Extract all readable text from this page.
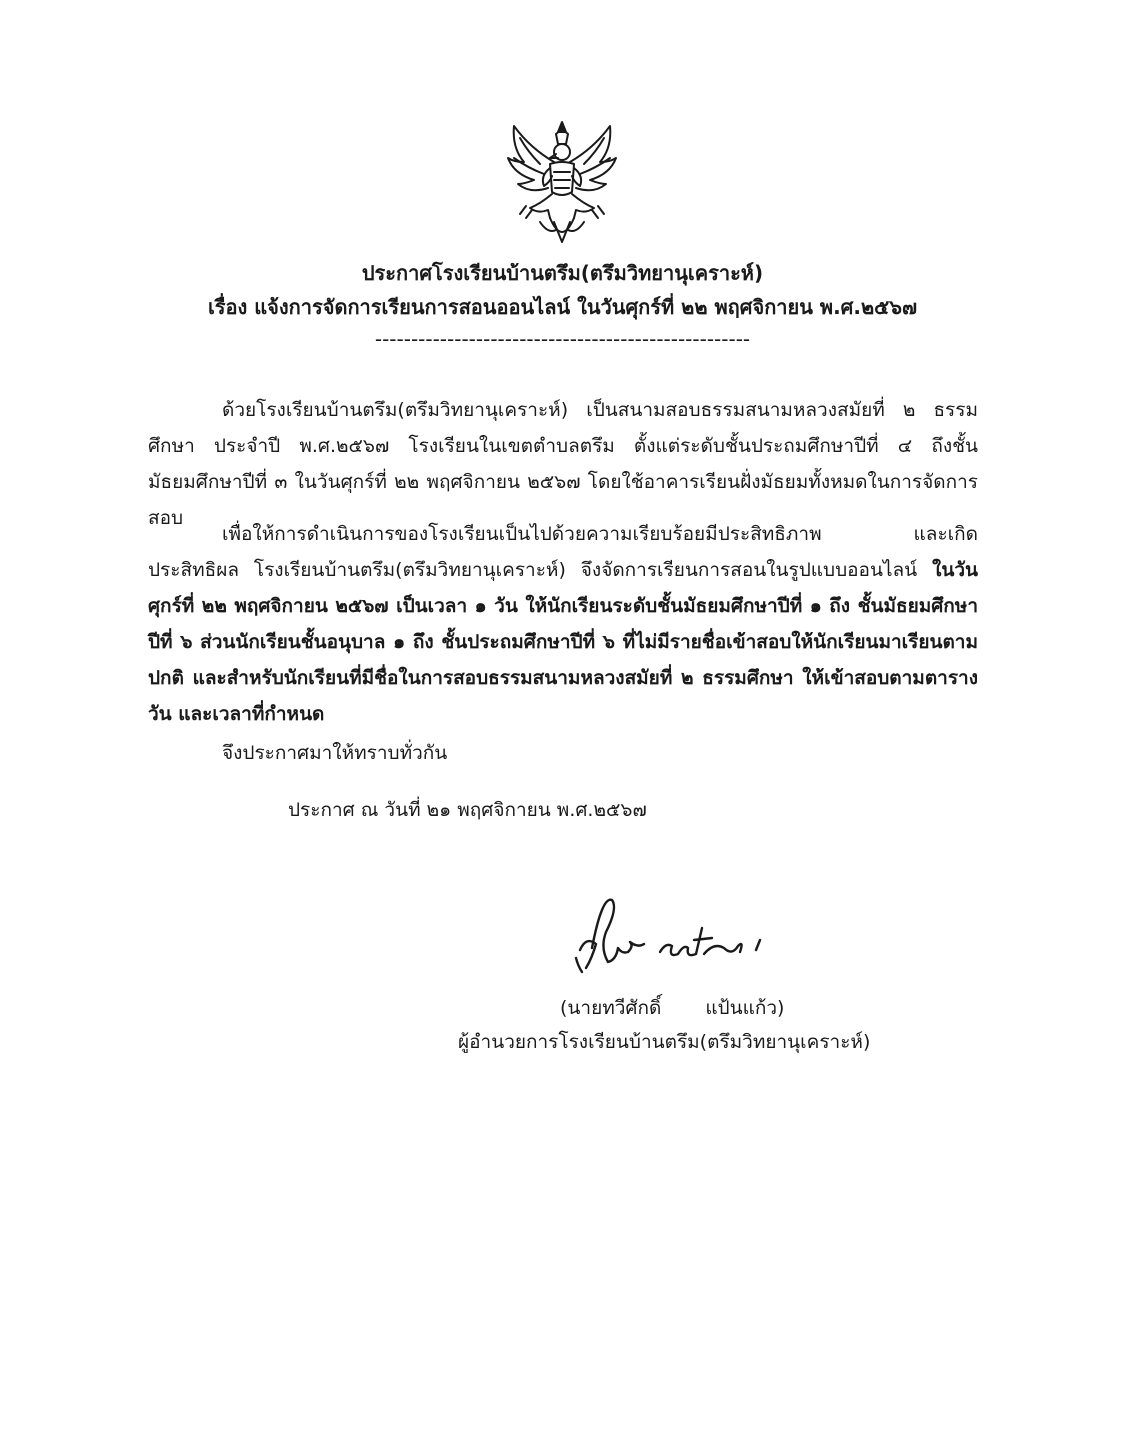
ประกาศโรงเรียนบ้านตรึม(ตรึมวิทยานุเคราะห์)
เรื่อง แจ้งการจัดการเรียนการสอนออนไลน์ ในวันศุกร์ที่ ๒๒ พฤศจิกายน พ.ศ.๒๕๖๗
----------------------------------------------------

ด้วยโรงเรียนบ้านตรึม(ตรึมวิทยานุเคราะห์) เป็นสนามสอบธรรมสนามหลวงสมัยที่ ๒ ธรรมศึกษา ประจำปี พ.ศ.๒๕๖๗ โรงเรียนในเขตตำบลตรึม ตั้งแต่ระดับชั้นประถมศึกษาปีที่ ๔ ถึงชั้นมัธยมศึกษาปีที่ ๓ ในวันศุกร์ที่ ๒๒ พฤศจิกายน ๒๕๖๗ โดยใช้อาคารเรียนฝั่งมัธยมทั้งหมดในการจัดการสอบ

เพื่อให้การดำเนินการของโรงเรียนเป็นไปด้วยความเรียบร้อยมีประสิทธิภาพ และเกิดประสิทธิผล โรงเรียนบ้านตรึม(ตรึมวิทยานุเคราะห์) จึงจัดการเรียนการสอนในรูปแบบออนไลน์ ในวันศุกร์ที่ ๒๒ พฤศจิกายน ๒๕๖๗ เป็นเวลา ๑ วัน ให้นักเรียนระดับชั้นมัธยมศึกษาปีที่ ๑ ถึง ชั้นมัธยมศึกษาปีที่ ๖ ส่วนนักเรียนชั้นอนุบาล ๑ ถึง ชั้นประถมศึกษาปีที่ ๖ ที่ไม่มีรายชื่อเข้าสอบให้นักเรียนมาเรียนตามปกติ และสำหรับนักเรียนที่มีชื่อในการสอบธรรมสนามหลวงสมัยที่ ๒ ธรรมศึกษา ให้เข้าสอบตามตาราง วัน และเวลาที่กำหนด

จึงประกาศมาให้ทราบทั่วกัน
ประกาศ ณ วันที่ ๒๑ พฤศจิกายน พ.ศ.๒๕๖๗
(นายทวีศักดิ์ แป้นแก้ว)
ผู้อำนวยการโรงเรียนบ้านตรึม(ตรึมวิทยานุเคราะห์)
